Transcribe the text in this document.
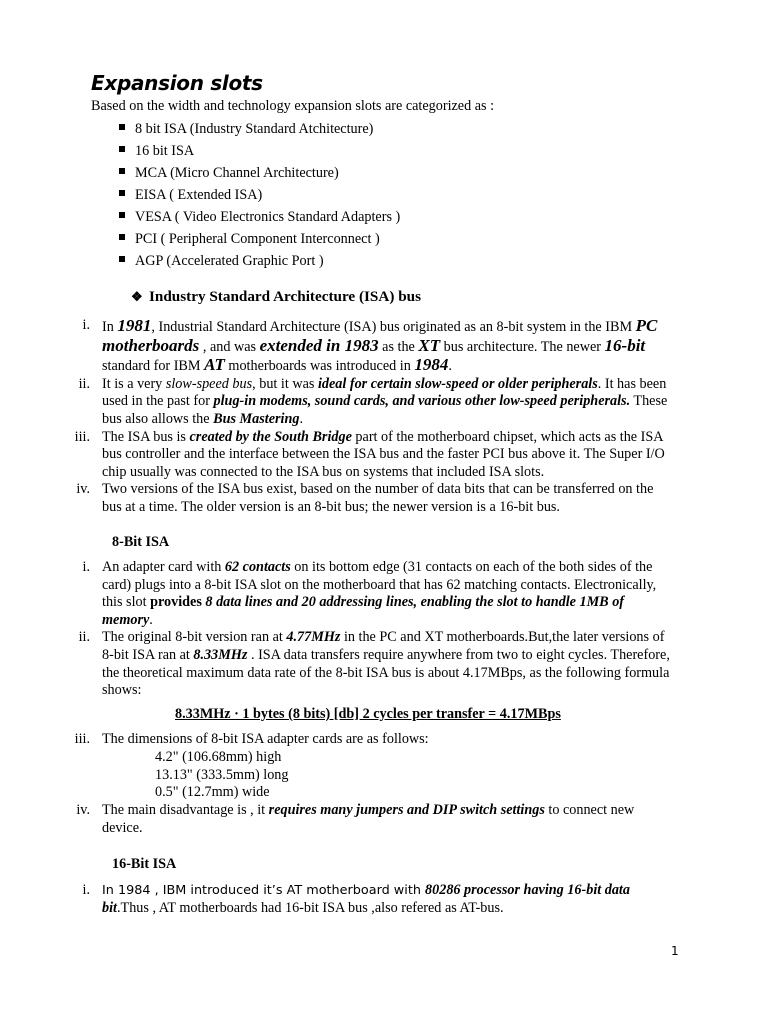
Expansion slots
Based on the width and technology expansion slots are categorized as :
8 bit ISA (Industry Standard Atchitecture)
16 bit ISA
MCA (Micro Channel Architecture)
EISA ( Extended ISA)
VESA ( Video Electronics Standard Adapters )
PCI ( Peripheral Component Interconnect )
AGP (Accelerated Graphic Port )
❖ Industry Standard Architecture (ISA) bus
i. In 1981, Industrial Standard Architecture (ISA) bus originated as an 8-bit system in the IBM PC motherboards , and was extended in 1983 as the XT bus architecture. The newer 16-bit standard for IBM AT motherboards was introduced in 1984.
ii. It is a very slow-speed bus, but it was ideal for certain slow-speed or older peripherals. It has been used in the past for plug-in modems, sound cards, and various other low-speed peripherals. These bus also allows the Bus Mastering.
iii. The ISA bus is created by the South Bridge part of the motherboard chipset, which acts as the ISA bus controller and the interface between the ISA bus and the faster PCI bus above it. The Super I/O chip usually was connected to the ISA bus on systems that included ISA slots.
iv. Two versions of the ISA bus exist, based on the number of data bits that can be transferred on the bus at a time. The older version is an 8-bit bus; the newer version is a 16-bit bus.
8-Bit ISA
i. An adapter card with 62 contacts on its bottom edge (31 contacts on each of the both sides of the card) plugs into a 8-bit ISA slot on the motherboard that has 62 matching contacts. Electronically, this slot provides 8 data lines and 20 addressing lines, enabling the slot to handle 1MB of memory.
ii. The original 8-bit version ran at 4.77MHz in the PC and XT motherboards.But,the later versions of 8-bit ISA ran at 8.33MHz . ISA data transfers require anywhere from two to eight cycles. Therefore, the theoretical maximum data rate of the 8-bit ISA bus is about 4.17MBps, as the following formula shows:
8.33MHz · 1 bytes (8 bits) [db] 2 cycles per transfer = 4.17MBps
iii. The dimensions of 8-bit ISA adapter cards are as follows:
4.2" (106.68mm) high
13.13" (333.5mm) long
0.5" (12.7mm) wide
iv. The main disadvantage is , it requires many jumpers and DIP switch settings to connect new device.
16-Bit ISA
i. In 1984 , IBM introduced it’s AT motherboard with 80286 processor having 16-bit data bit.Thus , AT motherboards had 16-bit ISA bus ,also refered as AT-bus.
1
